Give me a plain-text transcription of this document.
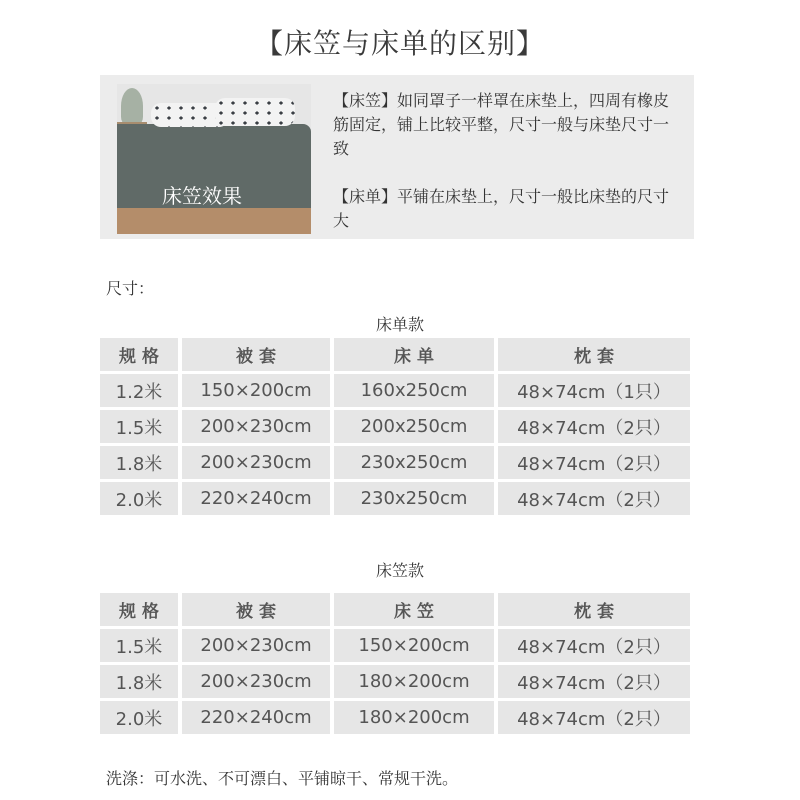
【床笠与床单的区别】
床笠效果

【床笠】如同罩子一样罩在床垫上，四周有橡皮筋固定，铺上比较平整，尺寸一般与床垫尺寸一致

【床单】平铺在床垫上，尺寸一般比床垫的尺寸大

尺寸：
床单款
规 格	被 套	床 单	枕 套
1.2米	150×200cm	160x250cm	48×74cm（1只）
1.5米	200×230cm	200x250cm	48×74cm（2只）
1.8米	200×230cm	230x250cm	48×74cm（2只）
2.0米	220×240cm	230x250cm	48×74cm（2只）
床笠款
规 格	被 套	床 笠	枕 套
1.5米	200×230cm	150×200cm	48×74cm（2只）
1.8米	200×230cm	180×200cm	48×74cm（2只）
2.0米	220×240cm	180×200cm	48×74cm（2只）
洗涤：可水洗、不可漂白、平铺晾干、常规干洗。
